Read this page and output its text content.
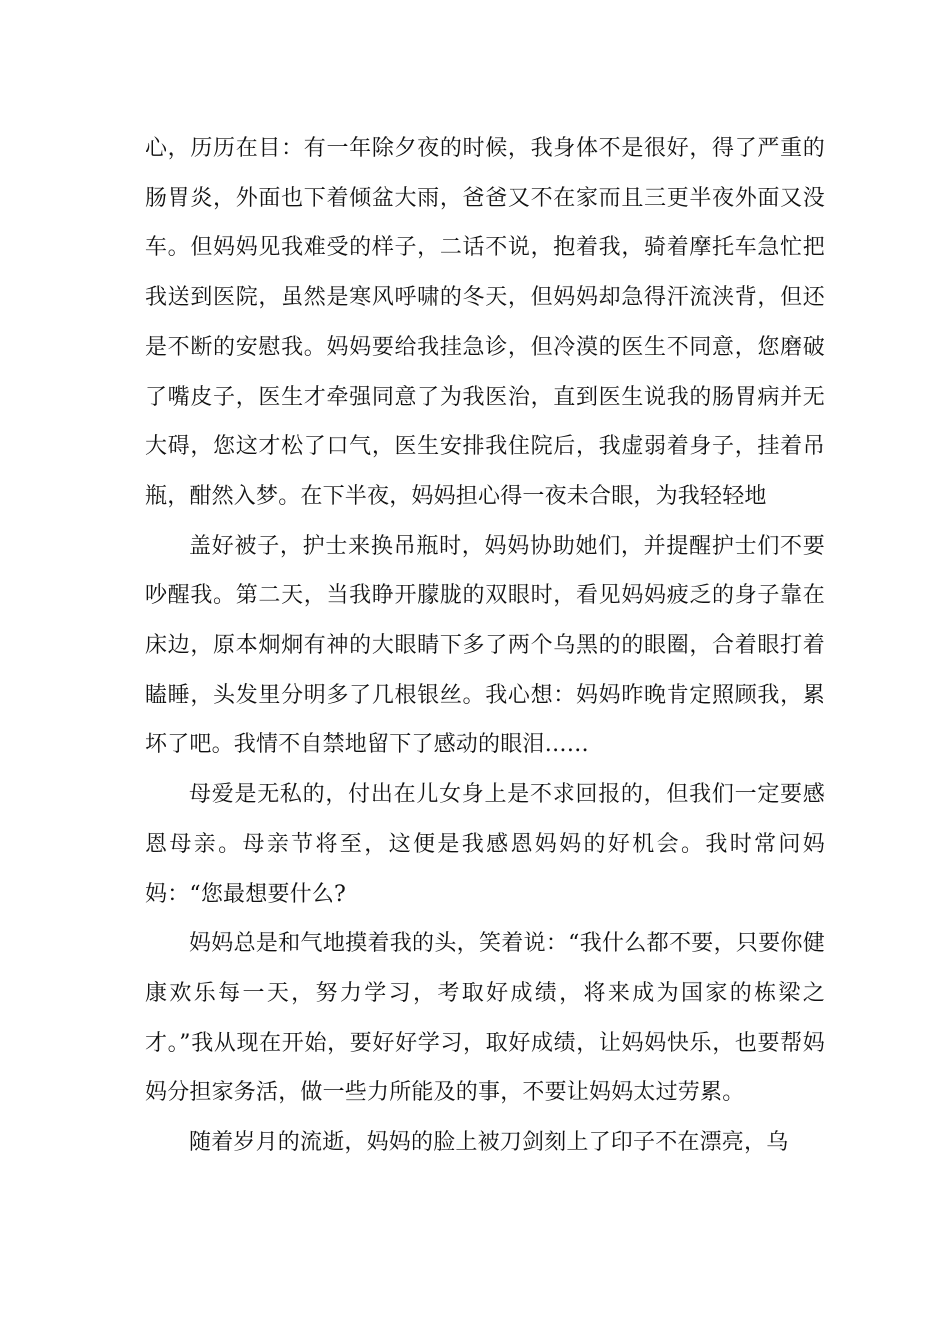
心，历历在目：有一年除夕夜的时候，我身体不是很好，得了严重的肠胃炎，外面也下着倾盆大雨，爸爸又不在家而且三更半夜外面又没车。但妈妈见我难受的样子，二话不说，抱着我，骑着摩托车急忙把我送到医院，虽然是寒风呼啸的冬天，但妈妈却急得汗流浃背，但还是不断的安慰我。妈妈要给我挂急诊，但冷漠的医生不同意，您磨破了嘴皮子，医生才牵强同意了为我医治，直到医生说我的肠胃病并无大碍，您这才松了口气，医生安排我住院后，我虚弱着身子，挂着吊瓶，酣然入梦。在下半夜，妈妈担心得一夜未合眼，为我轻轻地

盖好被子，护士来换吊瓶时，妈妈协助她们，并提醒护士们不要吵醒我。第二天，当我睁开朦胧的双眼时，看见妈妈疲乏的身子靠在床边，原本炯炯有神的大眼睛下多了两个乌黑的的眼圈，合着眼打着瞌睡，头发里分明多了几根银丝。我心想：妈妈昨晚肯定照顾我，累坏了吧。我情不自禁地留下了感动的眼泪……

母爱是无私的，付出在儿女身上是不求回报的，但我们一定要感恩母亲。母亲节将至，这便是我感恩妈妈的好机会。我时常问妈妈：“您最想要什么?

妈妈总是和气地摸着我的头，笑着说：“我什么都不要，只要你健康欢乐每一天，努力学习，考取好成绩，将来成为国家的栋梁之才。”我从现在开始，要好好学习，取好成绩，让妈妈快乐，也要帮妈妈分担家务活，做一些力所能及的事，不要让妈妈太过劳累。

随着岁月的流逝，妈妈的脸上被刀剑刻上了印子不在漂亮，乌
